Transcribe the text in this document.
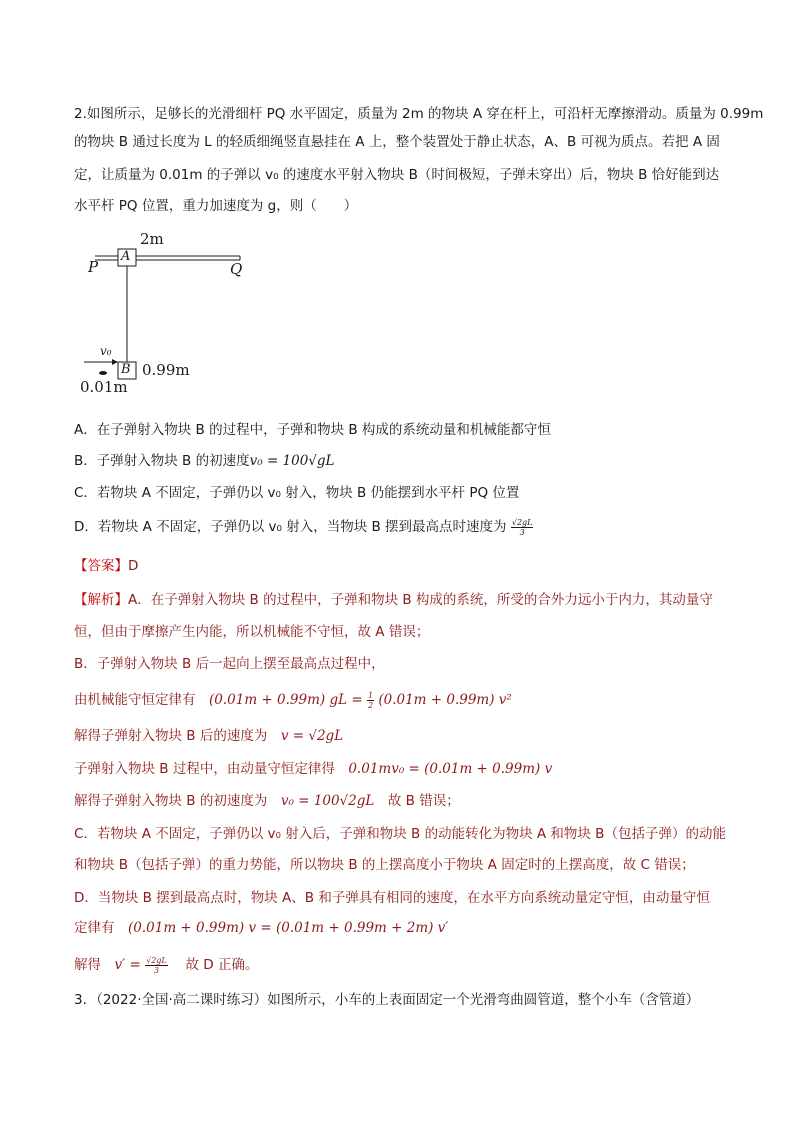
2.如图所示，足够长的光滑细杆 PQ 水平固定，质量为 2m 的物块 A 穿在杆上，可沿杆无摩擦滑动。质量为 0.99m
的物块 B 通过长度为 L 的轻质细绳竖直悬挂在 A 上，整个装置处于静止状态，A、B 可视为质点。若把 A 固
定，让质量为 0.01m 的子弹以 v₀ 的速度水平射入物块 B（时间极短，子弹未穿出）后，物块 B 恰好能到达
水平杆 PQ 位置，重力加速度为 g，则（　　）
P	Q
A
B
2m
v₀
0.99m
0.01m
A．在子弹射入物块 B 的过程中，子弹和物块 B 构成的系统动量和机械能都守恒
B．子弹射入物块 B 的初速度v₀ = 100√gL
C．若物块 A 不固定，子弹仍以 v₀ 射入，物块 B 仍能摆到水平杆 PQ 位置
D．若物块 A 不固定，子弹仍以 v₀ 射入，当物块 B 摆到最高点时速度为 $\frac{√2gL}{3}$
【答案】D
【解析】A．在子弹射入物块 B 的过程中，子弹和物块 B 构成的系统，所受的合外力远小于内力，其动量守
恒，但由于摩擦产生内能，所以机械能不守恒，故 A 错误；
B．子弹射入物块 B 后一起向上摆至最高点过程中，
由机械能守恒定律有　(0.01m + 0.99m) gL = $\frac{1}{2} (0.01m + 0.99m)$ v²
解得子弹射入物块 B 后的速度为　v = √2gL
子弹射入物块 B 过程中，由动量守恒定律得　0.01mv₀ = (0.01m + 0.99m) v
解得子弹射入物块 B 的初速度为　v₀ = 100√2gL　故 B 错误；
C．若物块 A 不固定，子弹仍以 v₀ 射入后，子弹和物块 B 的动能转化为物块 A 和物块 B（包括子弹）的动能
和物块 B（包括子弹）的重力势能，所以物块 B 的上摆高度小于物块 A 固定时的上摆高度，故 C 错误；
D．当物块 B 摆到最高点时，物块 A、B 和子弹具有相同的速度，在水平方向系统动量定守恒，由动量守恒
定律有　(0.01m + 0.99m) v = (0.01m + 0.99m + 2m) v′
解得　$v' = \frac{√2gL}{3}$ 　故 D 正确。
3．（2022·全国·高二课时练习）如图所示，小车的上表面固定一个光滑弯曲圆管道，整个小车（含管道）
